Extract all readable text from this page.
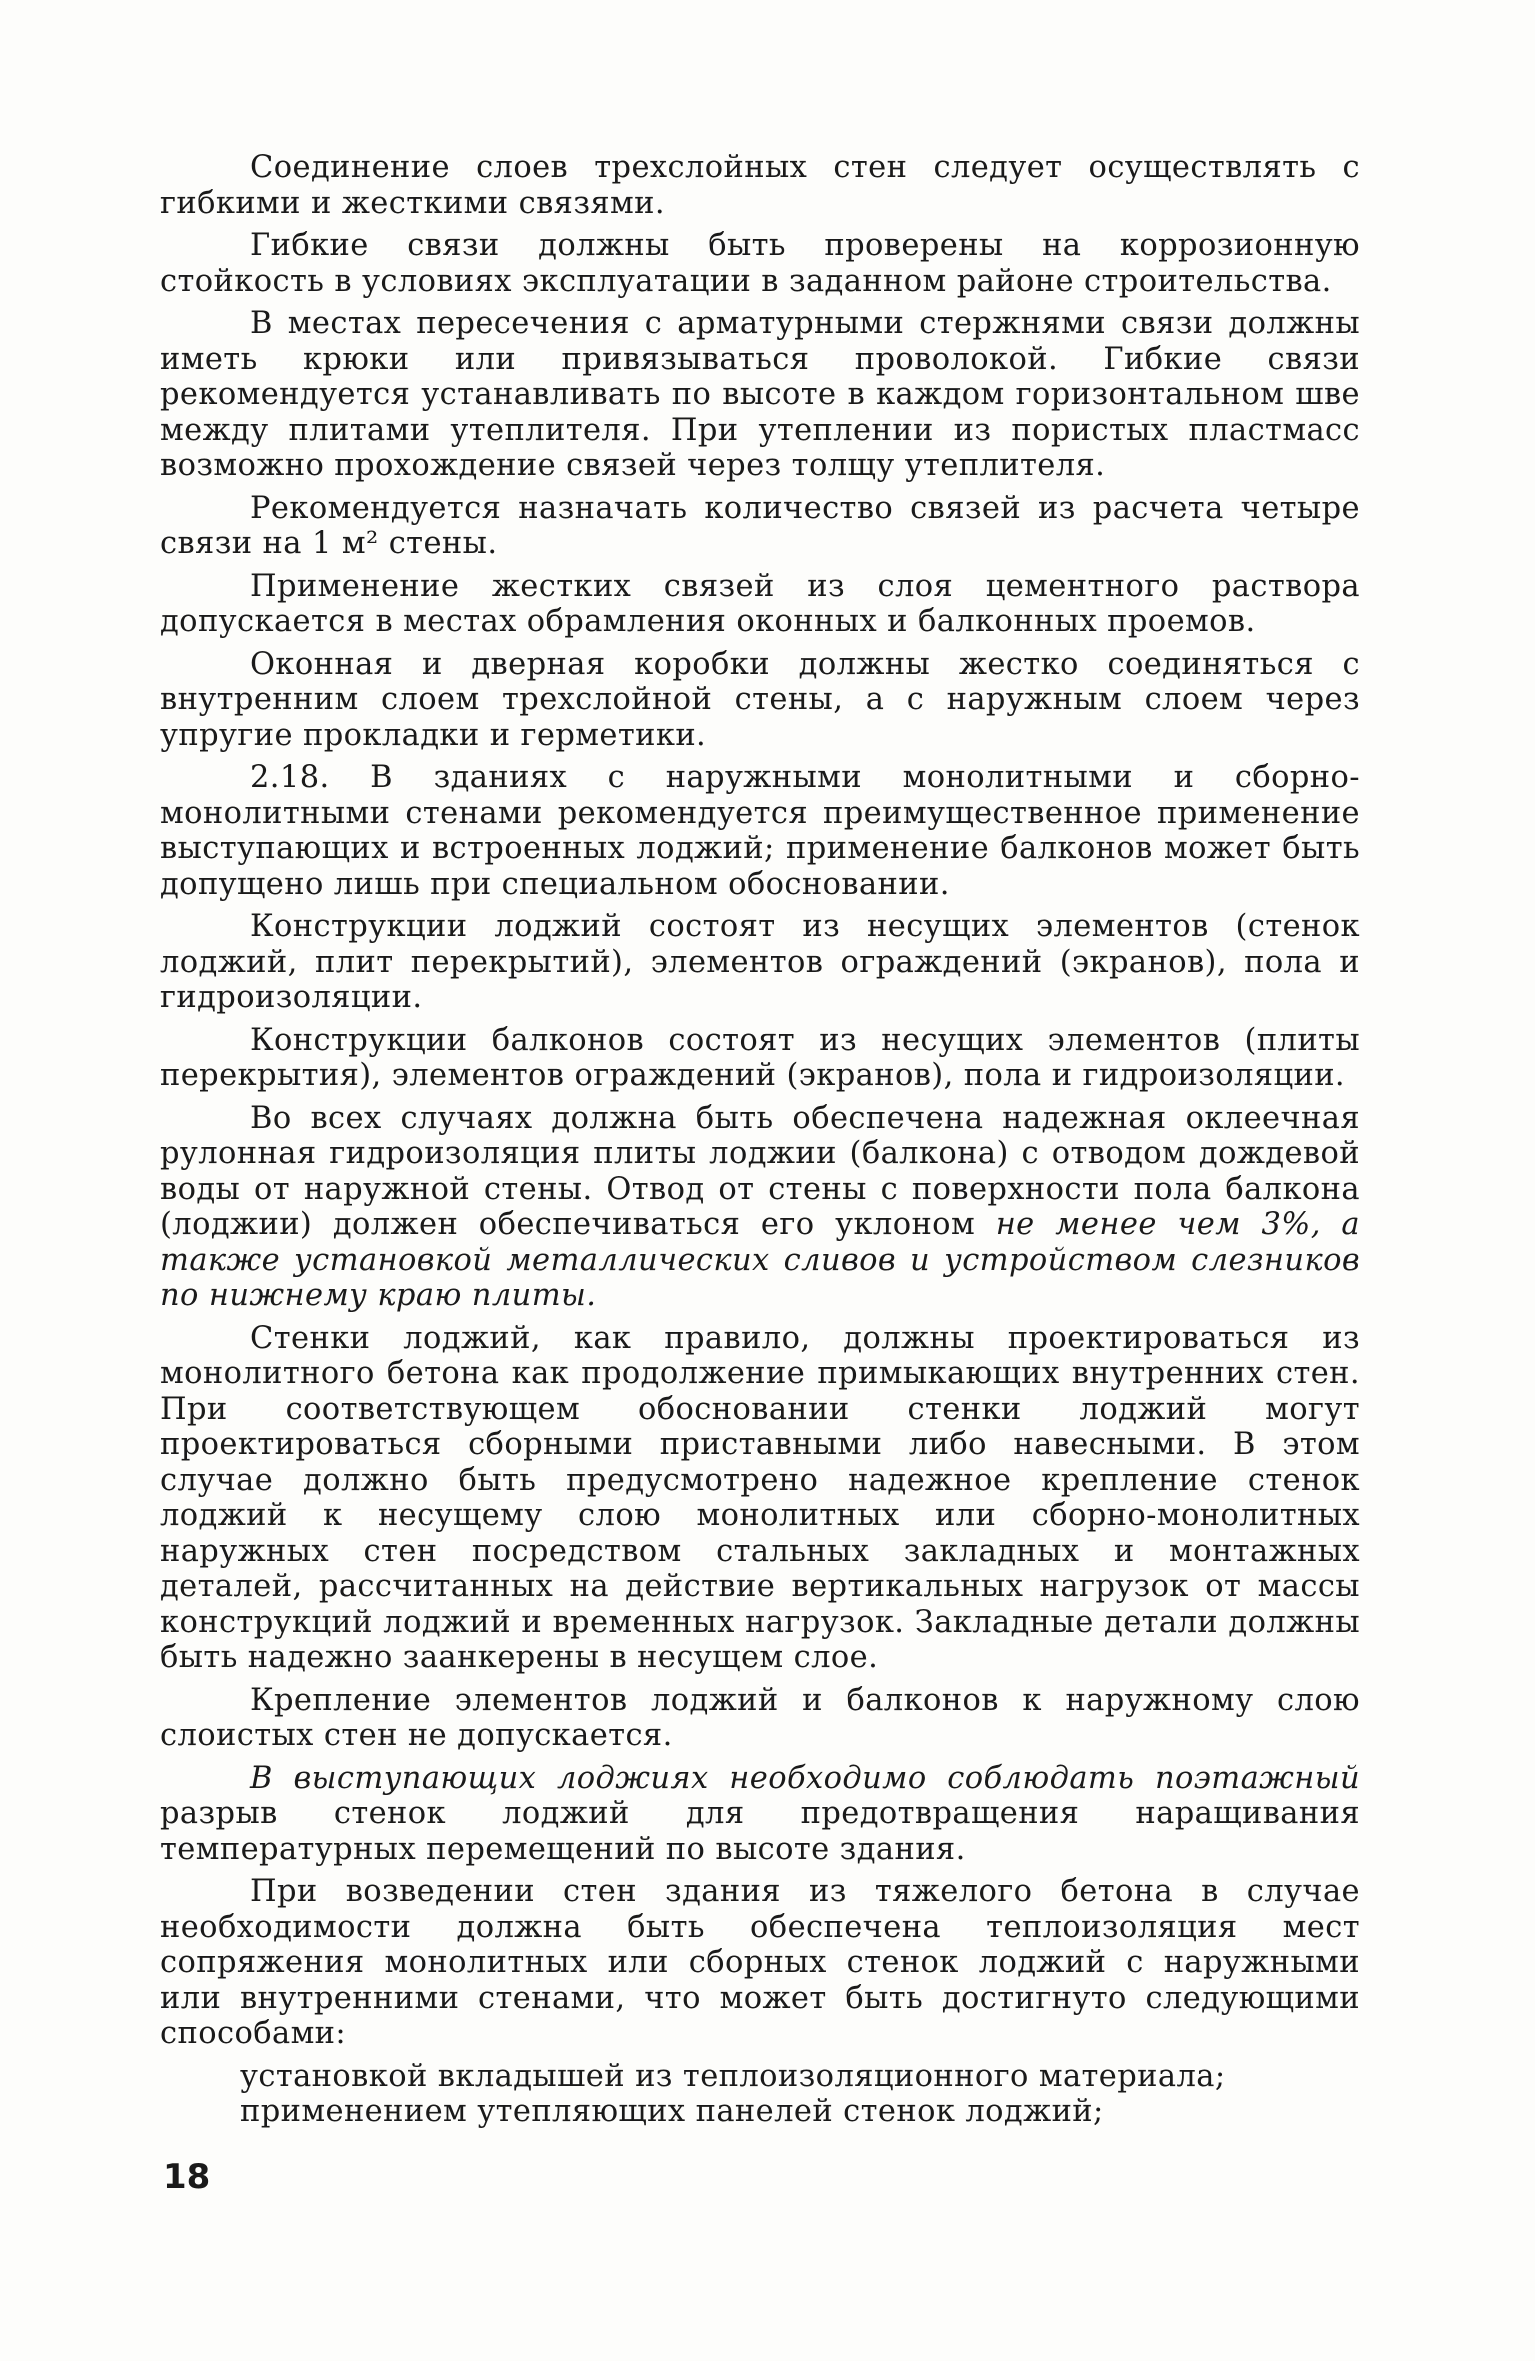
Соединение слоев трехслойных стен следует осуществлять с гибкими и жесткими связями.

Гибкие связи должны быть проверены на коррозионную стойкость в условиях эксплуатации в заданном районе строительства.

В местах пересечения с арматурными стержнями связи должны иметь крюки или привязываться проволокой. Гибкие связи рекомендуется устанавливать по высоте в каждом горизонтальном шве между плитами утеплителя. При утеплении из пористых пластмасс возможно прохождение связей через толщу утеплителя.

Рекомендуется назначать количество связей из расчета четыре связи на 1 м² стены.

Применение жестких связей из слоя цементного раствора допускается в местах обрамления оконных и балконных проемов.

Оконная и дверная коробки должны жестко соединяться с внутренним слоем трехслойной стены, а с наружным слоем через упругие прокладки и герметики.

2.18. В зданиях с наружными монолитными и сборно-монолитными стенами рекомендуется преимущественное применение выступающих и встроенных лоджий; применение балконов может быть допущено лишь при специальном обосновании.

Конструкции лоджий состоят из несущих элементов (стенок лоджий, плит перекрытий), элементов ограждений (экранов), пола и гидроизоляции.

Конструкции балконов состоят из несущих элементов (плиты перекрытия), элементов ограждений (экранов), пола и гидроизоляции.

Во всех случаях должна быть обеспечена надежная оклеечная рулонная гидроизоляция плиты лоджии (балкона) с отводом дождевой воды от наружной стены. Отвод от стены с поверхности пола балкона (лоджии) должен обеспечиваться его уклоном не менее чем 3%, а также установкой металлических сливов и устройством слезников по нижнему краю плиты.

Стенки лоджий, как правило, должны проектироваться из монолитного бетона как продолжение примыкающих внутренних стен. При соответствующем обосновании стенки лоджий могут проектироваться сборными приставными либо навесными. В этом случае должно быть предусмотрено надежное крепление стенок лоджий к несущему слою монолитных или сборно-монолитных наружных стен посредством стальных закладных и монтажных деталей, рассчитанных на действие вертикальных нагрузок от массы конструкций лоджий и временных нагрузок. Закладные детали должны быть надежно заанкерены в несущем слое.

Крепление элементов лоджий и балконов к наружному слою слоистых стен не допускается.

В выступающих лоджиях необходимо соблюдать поэтажный разрыв стенок лоджий для предотвращения наращивания температурных перемещений по высоте здания.

При возведении стен здания из тяжелого бетона в случае необходимости должна быть обеспечена теплоизоляция мест сопряжения монолитных или сборных стенок лоджий с наружными или внутренними стенами, что может быть достигнуто следующими способами:

установкой вкладышей из теплоизоляционного материала;

применением утепляющих панелей стенок лоджий;

18
